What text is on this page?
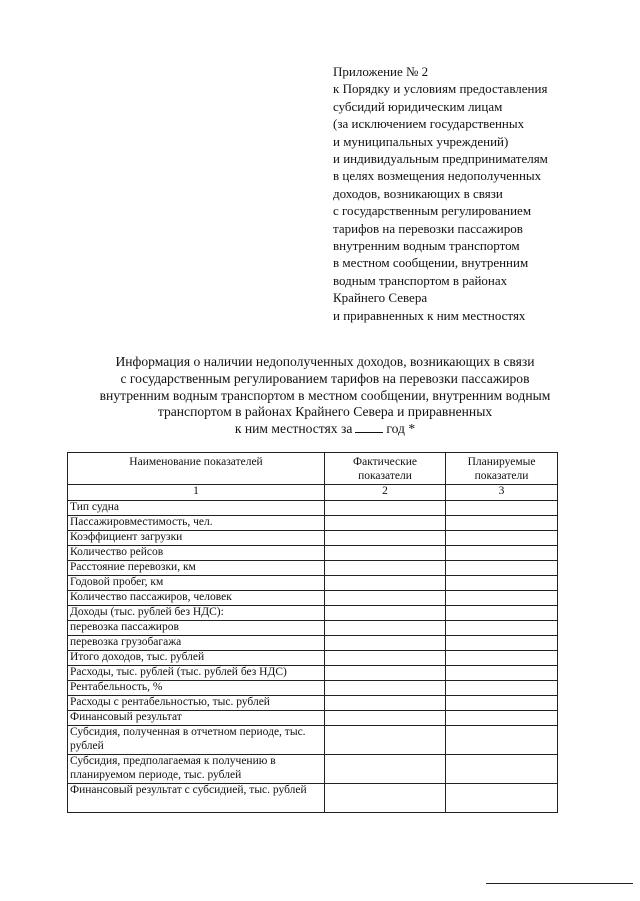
Приложение № 2
к Порядку и условиям предоставления
субсидий юридическим лицам
(за исключением государственных
и муниципальных учреждений)
и индивидуальным предпринимателям
в целях возмещения недополученных
доходов, возникающих в связи
с государственным регулированием
тарифов на перевозки пассажиров
внутренним водным транспортом
в местном сообщении, внутренним
водным транспортом в районах
Крайнего Севера
и приравненных к ним местностях
Информация о наличии недополученных доходов, возникающих в связи
с государственным регулированием тарифов на перевозки пассажиров
внутренним водным транспортом в местном сообщении, внутренним водным
транспортом в районах Крайнего Севера и приравненных
к ним местностях за	год *
Наименование показателей	Фактические показатели	Планируемые показатели
1	2	3
Тип судна		
Пассажировместимость, чел.		
Коэффициент загрузки		
Количество рейсов		
Расстояние перевозки, км		
Годовой пробег, км		
Количество пассажиров, человек		
Доходы (тыс. рублей без НДС):		
перевозка пассажиров		
перевозка грузобагажа		
Итого доходов, тыс. рублей		
Расходы, тыс. рублей (тыс. рублей без НДС)		
Рентабельность, %		
Расходы с рентабельностью, тыс. рублей		
Финансовый результат		
Субсидия, полученная в отчетном периоде, тыс. рублей		
Субсидия, предполагаемая к получению в планируемом периоде, тыс. рублей		
Финансовый результат с субсидией, тыс. рублей		
